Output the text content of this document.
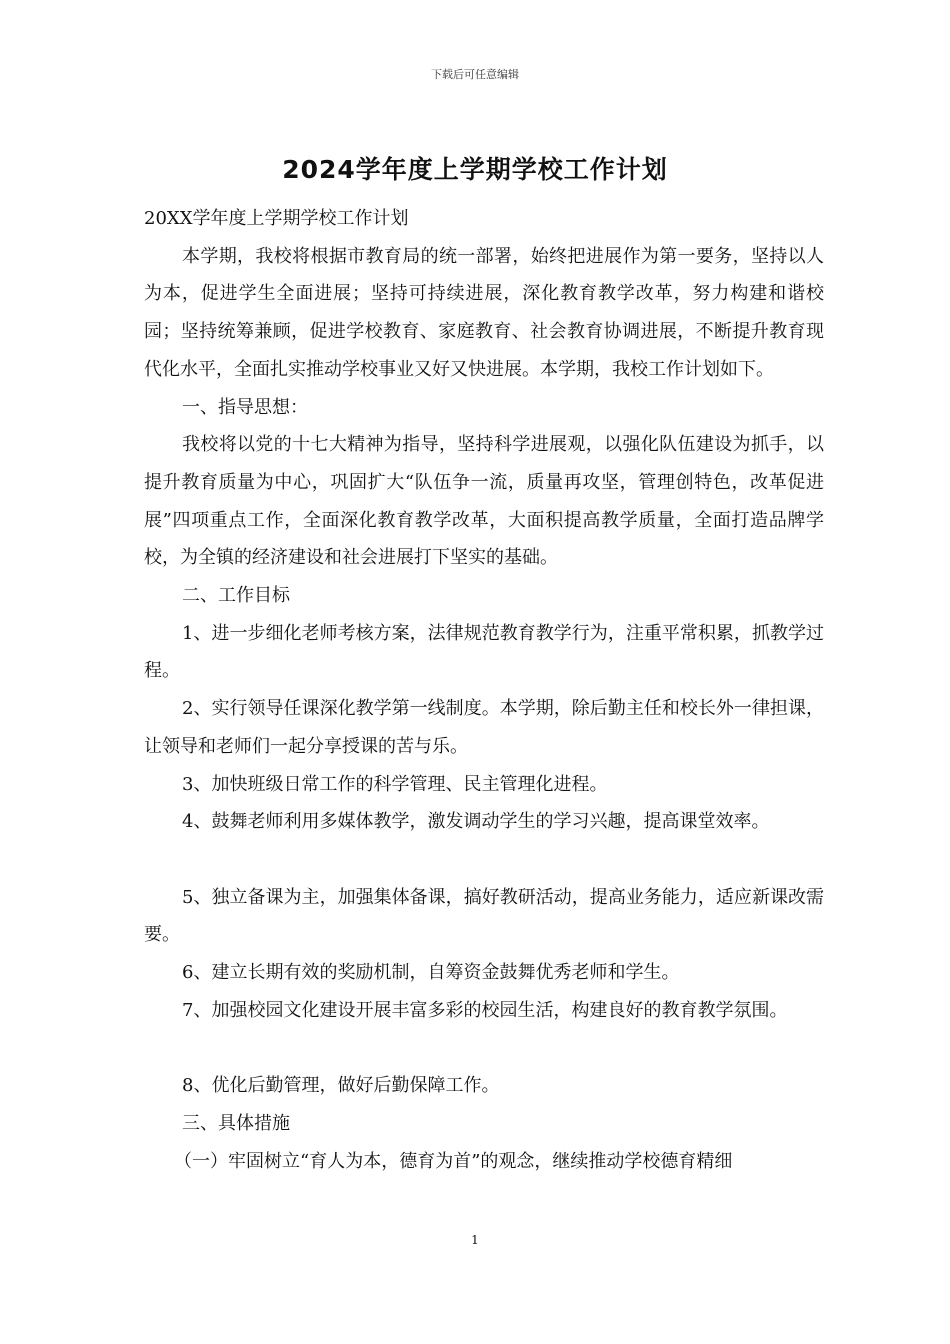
下载后可任意编辑
2024学年度上学期学校工作计划

20XX学年度上学期学校工作计划

本学期，我校将根据市教育局的统一部署，始终把进展作为第一要务，坚持以人为本，促进学生全面进展；坚持可持续进展，深化教育教学改革，努力构建和谐校园；坚持统筹兼顾，促进学校教育、家庭教育、社会教育协调进展，不断提升教育现代化水平，全面扎实推动学校事业又好又快进展。本学期，我校工作计划如下。

一、指导思想：

我校将以党的十七大精神为指导，坚持科学进展观，以强化队伍建设为抓手，以提升教育质量为中心，巩固扩大“队伍争一流，质量再攻坚，管理创特色，改革促进展”四项重点工作，全面深化教育教学改革，大面积提高教学质量，全面打造品牌学校，为全镇的经济建设和社会进展打下坚实的基础。

二、工作目标

1、进一步细化老师考核方案，法律规范教育教学行为，注重平常积累，抓教学过程。

2、实行领导任课深化教学第一线制度。本学期，除后勤主任和校长外一律担课，让领导和老师们一起分享授课的苦与乐。

3、加快班级日常工作的科学管理、民主管理化进程。

4、鼓舞老师利用多媒体教学，激发调动学生的学习兴趣，提高课堂效率。

5、独立备课为主，加强集体备课，搞好教研活动，提高业务能力，适应新课改需要。

6、建立长期有效的奖励机制，自筹资金鼓舞优秀老师和学生。

7、加强校园文化建设开展丰富多彩的校园生活，构建良好的教育教学氛围。

8、优化后勤管理，做好后勤保障工作。

三、具体措施

（一）牢固树立“育人为本，德育为首”的观念，继续推动学校德育精细

1
